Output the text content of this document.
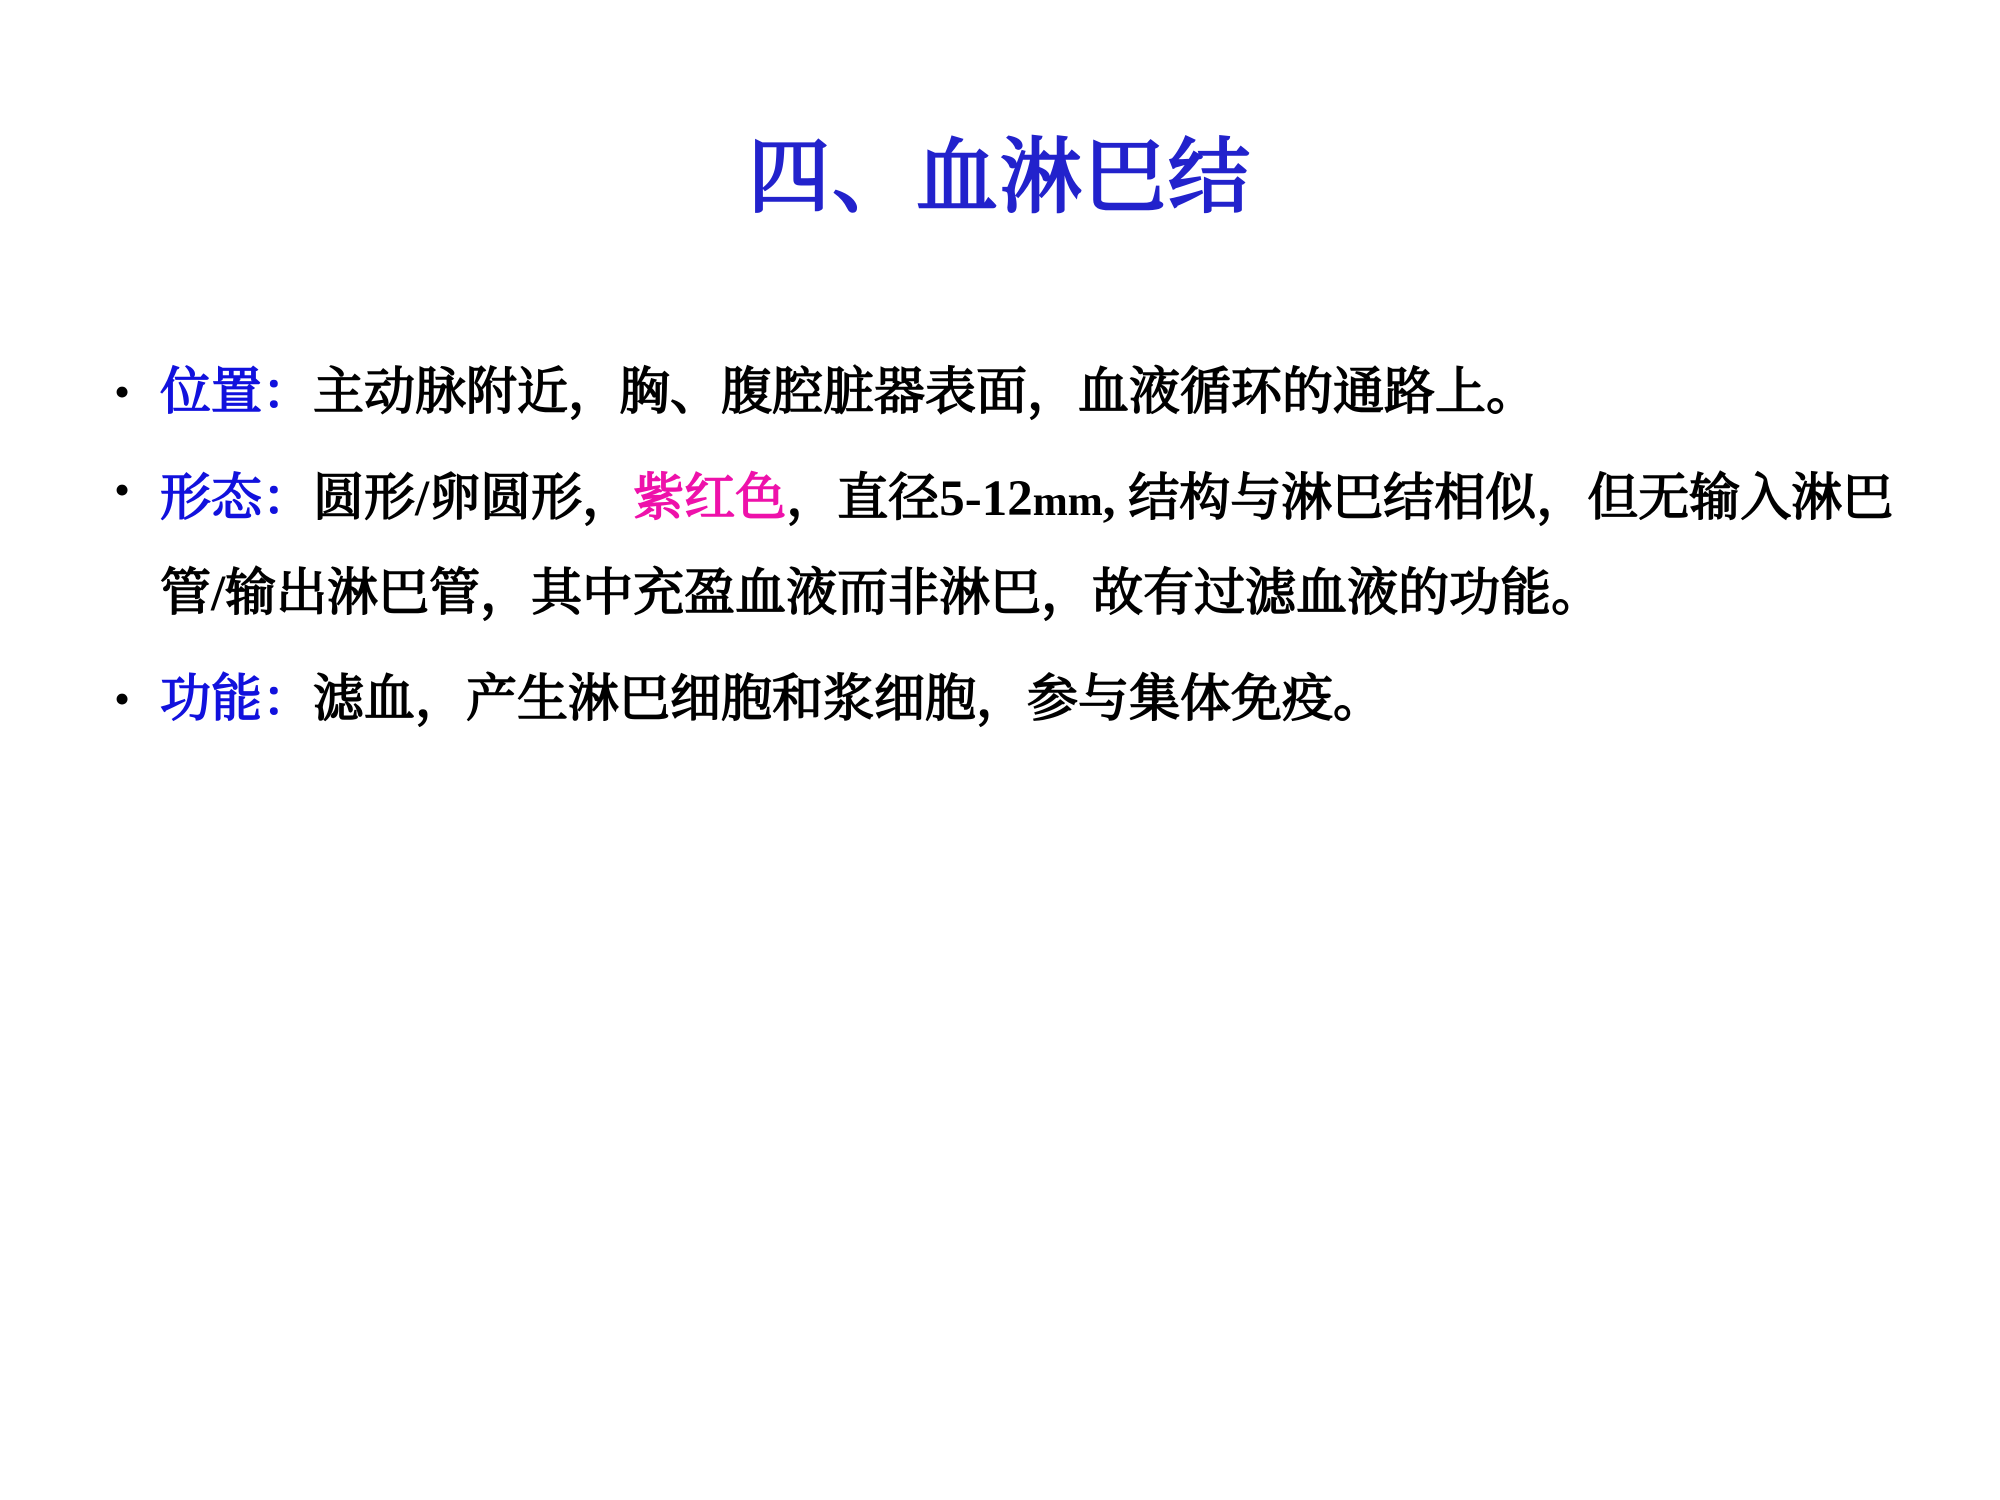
四、血淋巴结
• 位置：主动脉附近，胸、腹腔脏器表面，血液循环的通路上。
• 形态：圆形/卵圆形，紫红色，直径5-12mm, 结构与淋巴结相似，但无输入淋巴管/输出淋巴管，其中充盈血液而非淋巴，故有过滤血液的功能。
• 功能：滤血，产生淋巴细胞和浆细胞，参与集体免疫。
